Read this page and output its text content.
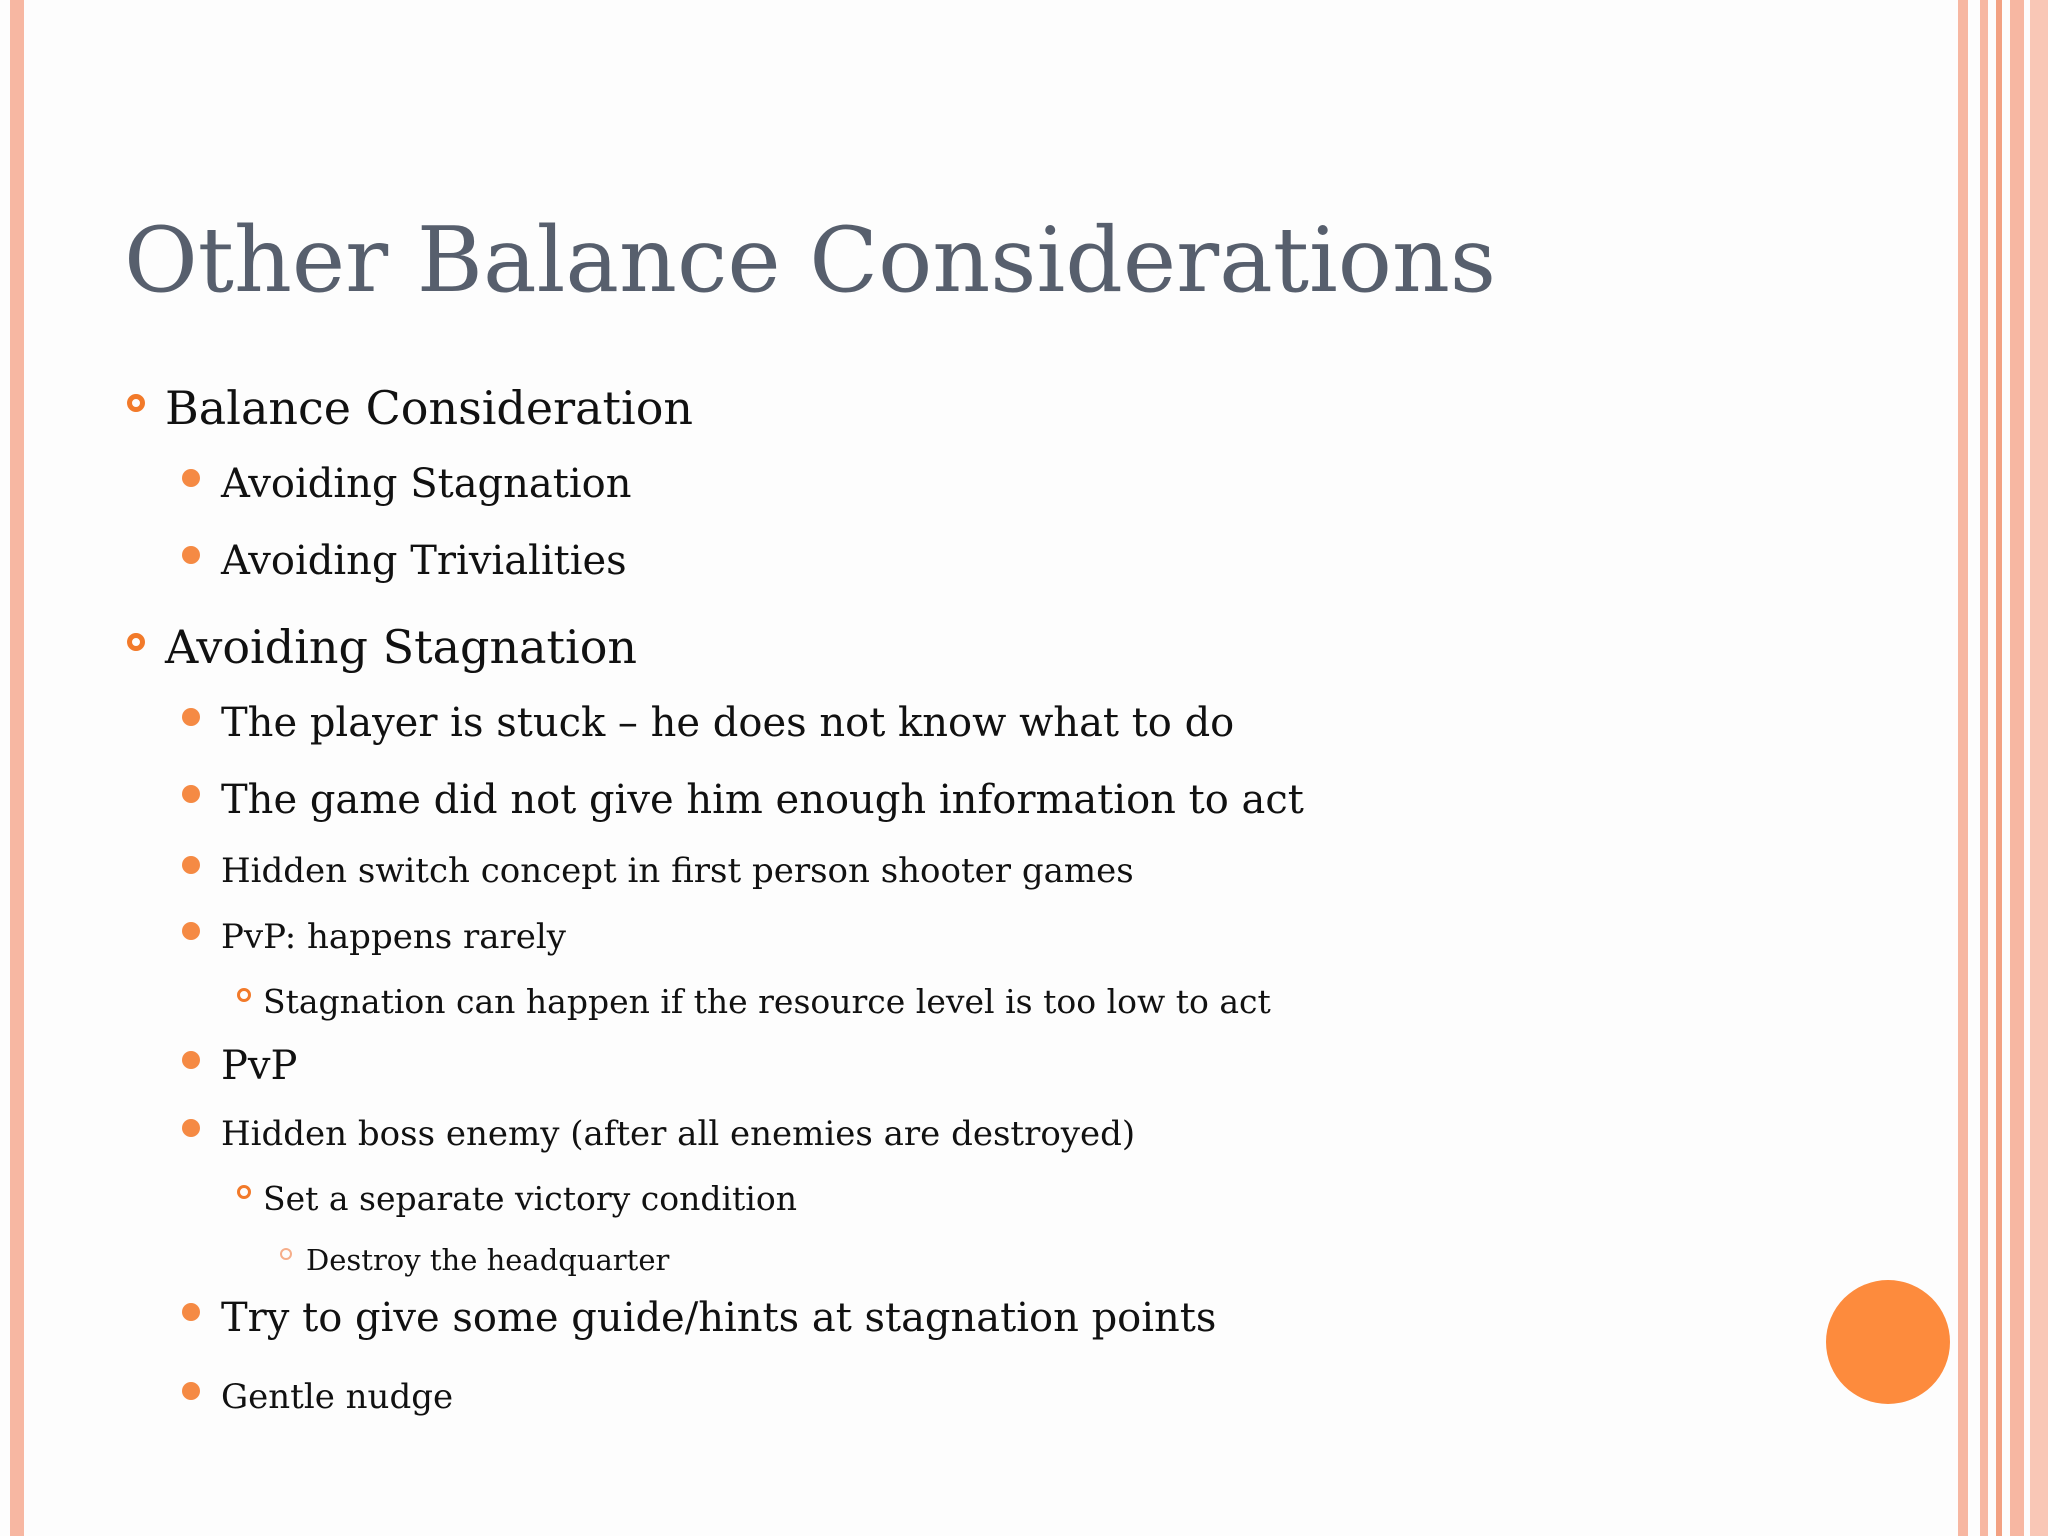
Other Balance Considerations
Balance Consideration
Avoiding Stagnation
Avoiding Trivialities
Avoiding Stagnation
The player is stuck – he does not know what to do
The game did not give him enough information to act
Hidden switch concept in first person shooter games
PvP: happens rarely
Stagnation can happen if the resource level is too low to act
PvP
Hidden boss enemy (after all enemies are destroyed)
Set a separate victory condition
Destroy the headquarter
Try to give some guide/hints at stagnation points
Gentle nudge
